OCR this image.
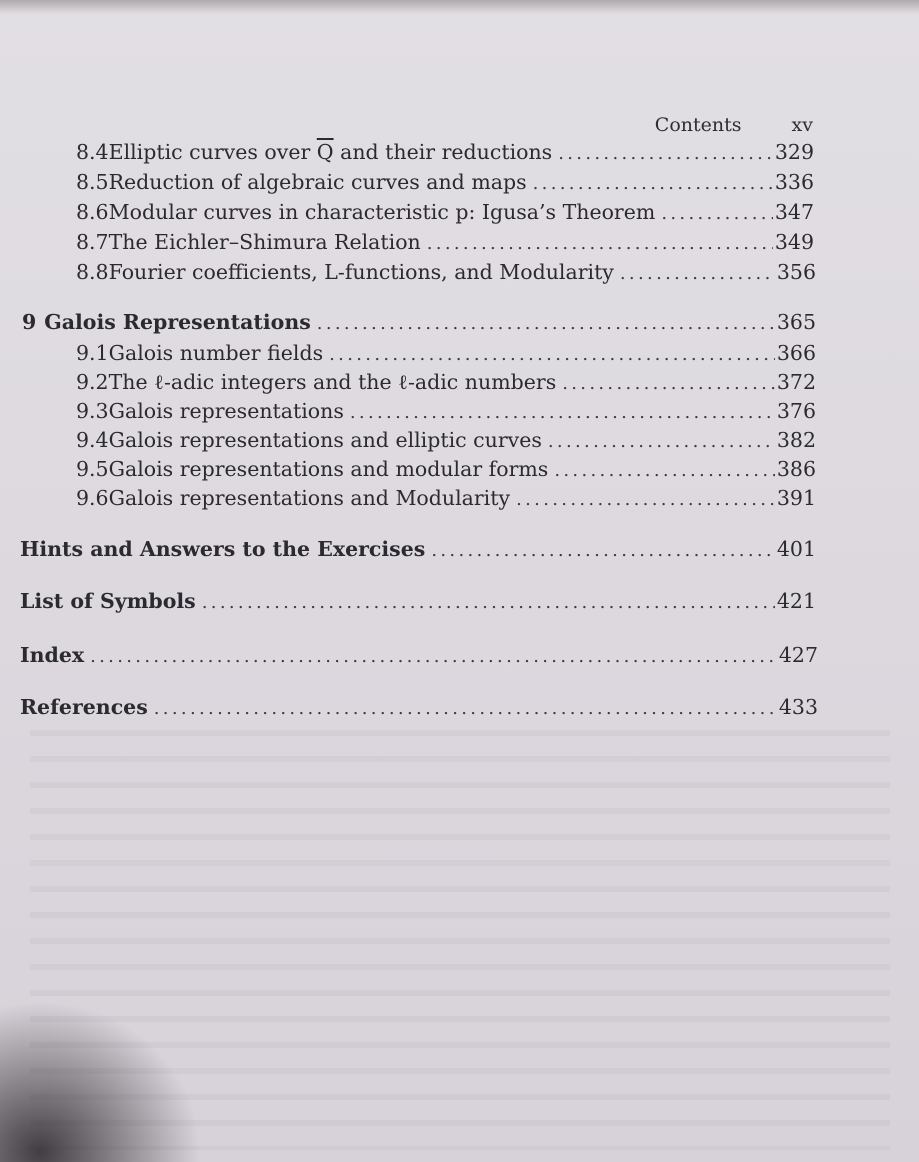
Contents	xv
8.4 Elliptic curves over $\overline{Q}$ and their reductions . . .	329
8.5 Reduction of algebraic curves and maps . . .	336
8.6 Modular curves in characteristic p: Igusa’s Theorem . . .	347
8.7 The Eichler–Shimura Relation . . .	349
8.8 Fourier coefficients, L-functions, and Modularity . . .	356
9 Galois Representations . . .	365
9.1 Galois number fields . . .	366
9.2 The ℓ-adic integers and the ℓ-adic numbers . . .	372
9.3 Galois representations . . .	376
9.4 Galois representations and elliptic curves . . .	382
9.5 Galois representations and modular forms . . .	386
9.6 Galois representations and Modularity . . .	391
Hints and Answers to the Exercises . . .	401
List of Symbols . . .	421
Index . . .	427
References . . .	433
